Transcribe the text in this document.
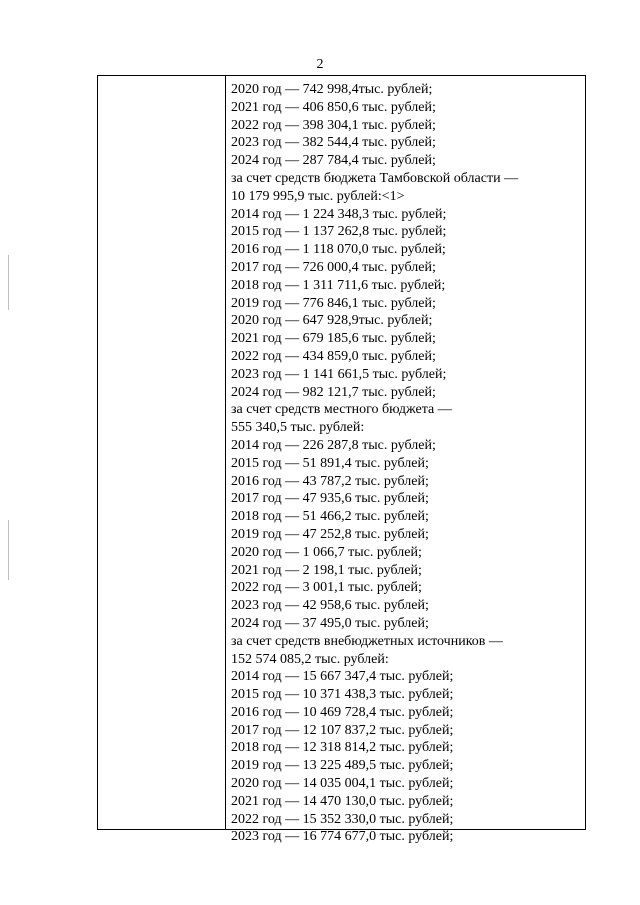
2
2020 год — 742 998,4тыс. рублей;
2021 год — 406 850,6 тыс. рублей;
2022 год — 398 304,1 тыс. рублей;
2023 год — 382 544,4 тыс. рублей;
2024 год — 287 784,4 тыс. рублей;
за счет средств бюджета Тамбовской области —
10 179 995,9 тыс. рублей:<1>
2014 год — 1 224 348,3 тыс. рублей;
2015 год — 1 137 262,8 тыс. рублей;
2016 год — 1 118 070,0 тыс. рублей;
2017 год — 726 000,4 тыс. рублей;
2018 год — 1 311 711,6 тыс. рублей;
2019 год — 776 846,1 тыс. рублей;
2020 год — 647 928,9тыс. рублей;
2021 год — 679 185,6 тыс. рублей;
2022 год — 434 859,0 тыс. рублей;
2023 год — 1 141 661,5 тыс. рублей;
2024 год — 982 121,7 тыс. рублей;
за счет средств местного бюджета —
555 340,5 тыс. рублей:
2014 год — 226 287,8 тыс. рублей;
2015 год — 51 891,4 тыс. рублей;
2016 год — 43 787,2 тыс. рублей;
2017 год — 47 935,6 тыс. рублей;
2018 год — 51 466,2 тыс. рублей;
2019 год — 47 252,8 тыс. рублей;
2020 год — 1 066,7 тыс. рублей;
2021 год — 2 198,1 тыс. рублей;
2022 год — 3 001,1 тыс. рублей;
2023 год — 42 958,6 тыс. рублей;
2024 год — 37 495,0 тыс. рублей;
за счет средств внебюджетных источников —
152 574 085,2 тыс. рублей:
2014 год — 15 667 347,4 тыс. рублей;
2015 год — 10 371 438,3 тыс. рублей;
2016 год — 10 469 728,4 тыс. рублей;
2017 год — 12 107 837,2 тыс. рублей;
2018 год — 12 318 814,2 тыс. рублей;
2019 год — 13 225 489,5 тыс. рублей;
2020 год — 14 035 004,1 тыс. рублей;
2021 год — 14 470 130,0 тыс. рублей;
2022 год — 15 352 330,0 тыс. рублей;
2023 год — 16 774 677,0 тыс. рублей;
